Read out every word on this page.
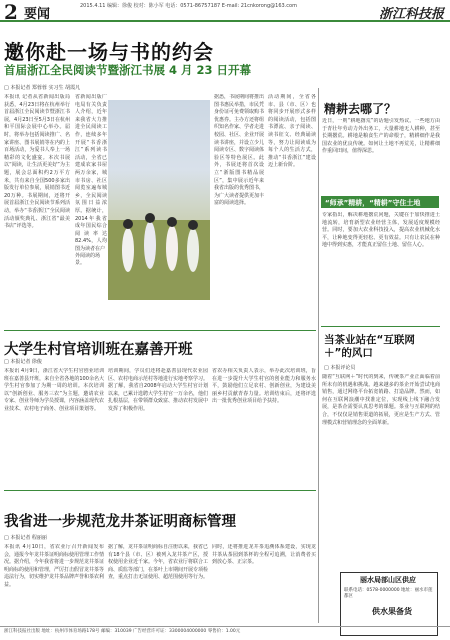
2 要闻
2015.4.11 编辑：徐俊 校对：陈小军 电话：0571-86757187 E-mail: 21cnkorong@163.com
浙江科技报
邀你赴一场与书的约会
首届浙江全民阅读节暨浙江书展 4 月 23 日开幕
□ 本报记者 郑蓉蓉 实习生 胡霞凡
本报讯 记者从省新闻出版局获悉，4月23日将在杭州举行首届浙江全民阅读节暨浙江书展，4月23日至5月3日在杭州和平国际会展中心举办。届时，将举办包括阅读推广、名家讲座、图书展销等在内的上百场活动，为爱书人奉上一场精彩的文化盛宴。本次书展以“阅读，让生活更美好”为主题，展会总面积约2万平方米，共有来自全国500多家出版发行单位参展，展销图书近20万种。书展期间，还将开展首届浙江全民阅读节系列活动，举办“书香浙江”全民阅读活动颁奖典礼、浙江省“最美书店”评选等。
省新闻出版广电局有关负责人介绍，近年来我省大力推进全民阅读工作，连续多年开展“书香浙江”系列读书活动，全省已建成农家书屋两万余家，城市书房、社区阅览室遍布城乡，全民阅读氛围日益浓厚。据统计，2014年我省成年国民综合阅读率达82.4%，人均
图为读者在户外阅读的场景。
据悉，书展期间将推出图书惠民举措，市民凭身份证可免费领取购书优惠券。主办方还将组织知名作家、学者走进校园、社区、企业开展读书讲座，并设立少儿阅读专区、数字阅读体验区等特色展区。此外，书展还将首次设立“浙版图书精品展区”，集中展示近年来我省出版的优秀图书，为广大读者提供更加丰富的阅读选择。
活动期间，全省各市、县（市、区）也将同步开展形式多样的阅读活动，包括图书漂流、亲子阅读、读书征文、经典诵读等，努力让阅读成为每个人的生活方式，推动“书香浙江”建设迈上新台阶。
大学生村官培训班在嘉善开班
□ 本报记者 徐俊
本报讯 4月9日，浙江省大学生村官创业培训班在嘉善县开班，来自全省各地的100余名大学生村官参加了为期一周的培训。本次培训以“创新创业、服务三农”为主题，邀请农业专家、创业导师为学员授课，内容涵盖现代农业技术、农村电子商务、创业项目策划等。
培训期间，学员们还将赴嘉善县现代农业园区、农村电商示范村等地进行实地考察学习。据了解，我省自2008年启动大学生村官计划以来，已累计选聘大学生村官一万余名，他们扎根基层，在带领群众致富、推动农村发展中发挥了积极作用。
省农办相关负责人表示，举办此次培训班，旨在进一步提升大学生村官的创业能力和服务水平，鼓励他们立足农村、创新创业，为建设美丽乡村贡献青春力量。培训结束后，还将评选出一批优秀创业项目给予扶持。
我省进一步规范龙井茶证明商标管理
□ 本报记者 程丽丽
本报讯 4月10日，省农业厅召开新闻发布会，通报今年龙井茶证明商标使用管理工作情况。据介绍，今年我省将进一步规范龙井茶证明商标的使用和管理，严厉打击假冒龙井茶等违法行为，切实维护龙井茶品牌声誉和茶农利益。
据了解，龙井茶证明商标自注册以来，我省已有18个县（市、区）被列入龙井茶产区，授权使用企业近千家。今年，省农业厅将联合工商、质监等部门，在茶叶上市期间开展专项检查，重点打击无证使用、超范围使用等行为。
同时，还将推进龙井茶追溯体系建设，实现龙井茶从茶园到茶杯的全程可追溯，让消费者买到放心茶、正宗茶。
精耕去哪了？
近日，一则“耕地撂荒”的话题引发热议。一些地方由于青壮年劳动力外出务工，大量耕地无人耕种，甚至长期撂荒。耕地是粮食生产的命根子，精耕细作是我国农业的优良传统。如何让土地不再荒芜，让精耕细作重回田间，值得深思。
“师承”精耕，“精耕”守住土地
专家指出，解决耕地撂荒问题，关键在于加快推进土地流转，培育新型农业经营主体，发展适度规模经营。同时，要加大农业科技投入，提高农业机械化水平，让种地变得更轻松、更有效益。只有让农民在种地中得到实惠，才能真正留住土地、留住人心。
当茶业站在“互联网＋”的风口
□ 本报评论员
随着“互联网＋”时代的到来，传统茶产业正面临着前所未有的机遇和挑战。越来越多的茶企开始尝试电商销售，通过网络平台拓宽销路、打造品牌。然而，如何在互联网浪潮中找准定位，实现线上线下融合发展，是茶企需要认真思考的课题。茶业与互联网的结合，不仅仅是销售渠道的拓展，更应是生产方式、管理模式和营销理念的全面革新。
丽水局部山区供应
联系电话：0578-0000000 地址：丽水市莲都区
供水果备货
浙江科技报社出版 地址：杭州市体育场路178号 邮编：310039 广告经营许可证：3300004000000 零售价：1.00元
